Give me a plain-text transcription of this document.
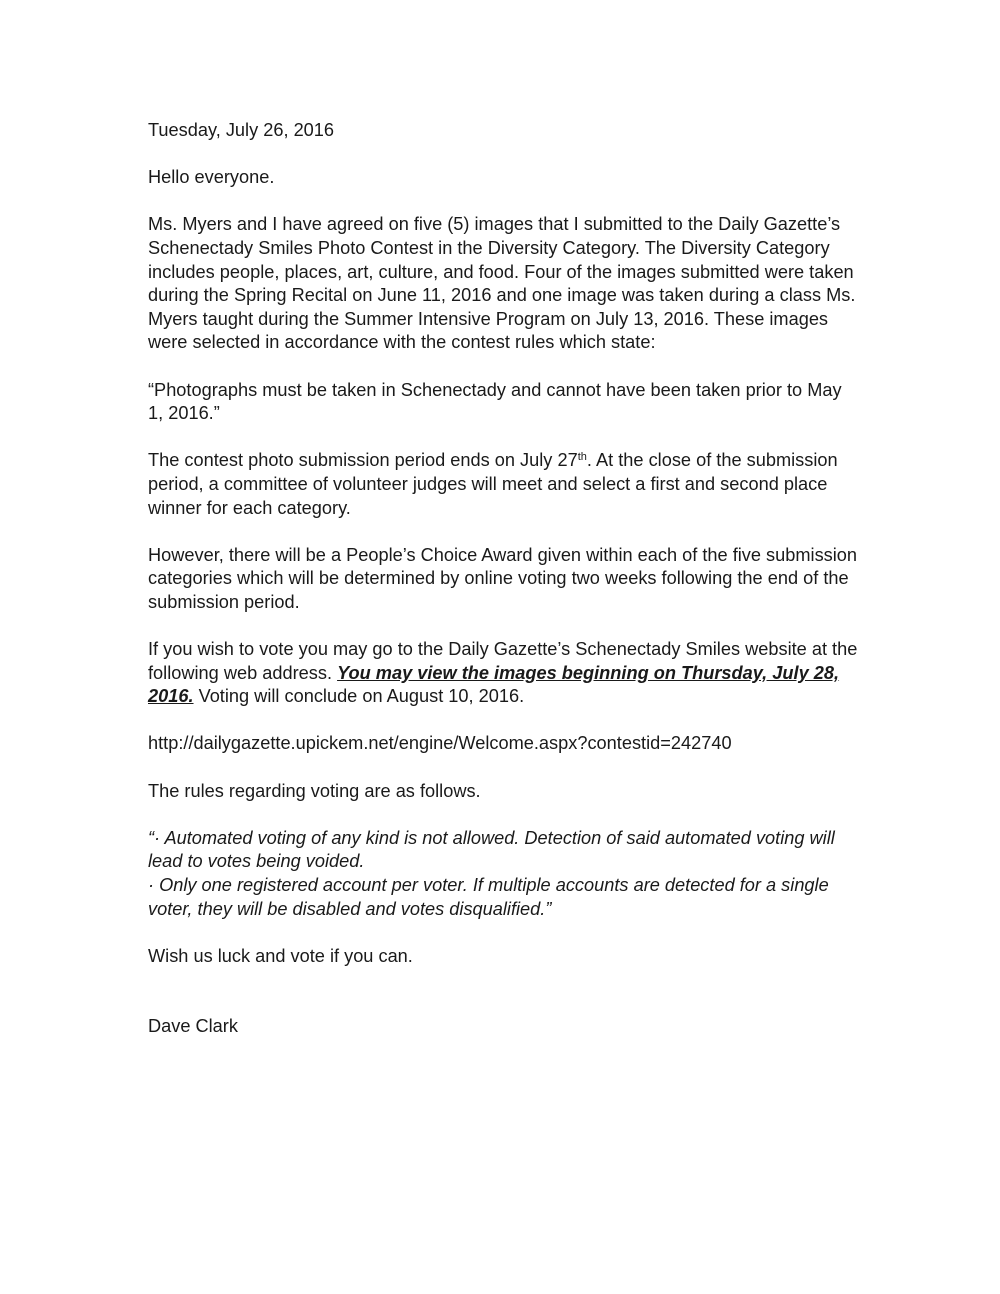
Tuesday, July 26, 2016

Hello everyone.

Ms. Myers and I have agreed on five (5) images that I submitted to the Daily Gazette’s Schenectady Smiles Photo Contest in the Diversity Category. The Diversity Category includes people, places, art, culture, and food. Four of the images submitted were taken during the Spring Recital on June 11, 2016 and one image was taken during a class Ms. Myers taught during the Summer Intensive Program on July 13, 2016. These images were selected in accordance with the contest rules which state:

“Photographs must be taken in Schenectady and cannot have been taken prior to May 1, 2016.”

The contest photo submission period ends on July 27th. At the close of the submission period, a committee of volunteer judges will meet and select a first and second place winner for each category.

However, there will be a People’s Choice Award given within each of the five submission categories which will be determined by online voting two weeks following the end of the submission period.

If you wish to vote you may go to the Daily Gazette’s Schenectady Smiles website at the following web address. You may view the images beginning on Thursday, July 28, 2016. Voting will conclude on August 10, 2016.

http://dailygazette.upickem.net/engine/Welcome.aspx?contestid=242740

The rules regarding voting are as follows.

“· Automated voting of any kind is not allowed. Detection of said automated voting will lead to votes being voided.

· Only one registered account per voter. If multiple accounts are detected for a single voter, they will be disabled and votes disqualified.”

Wish us luck and vote if you can.

Dave Clark
